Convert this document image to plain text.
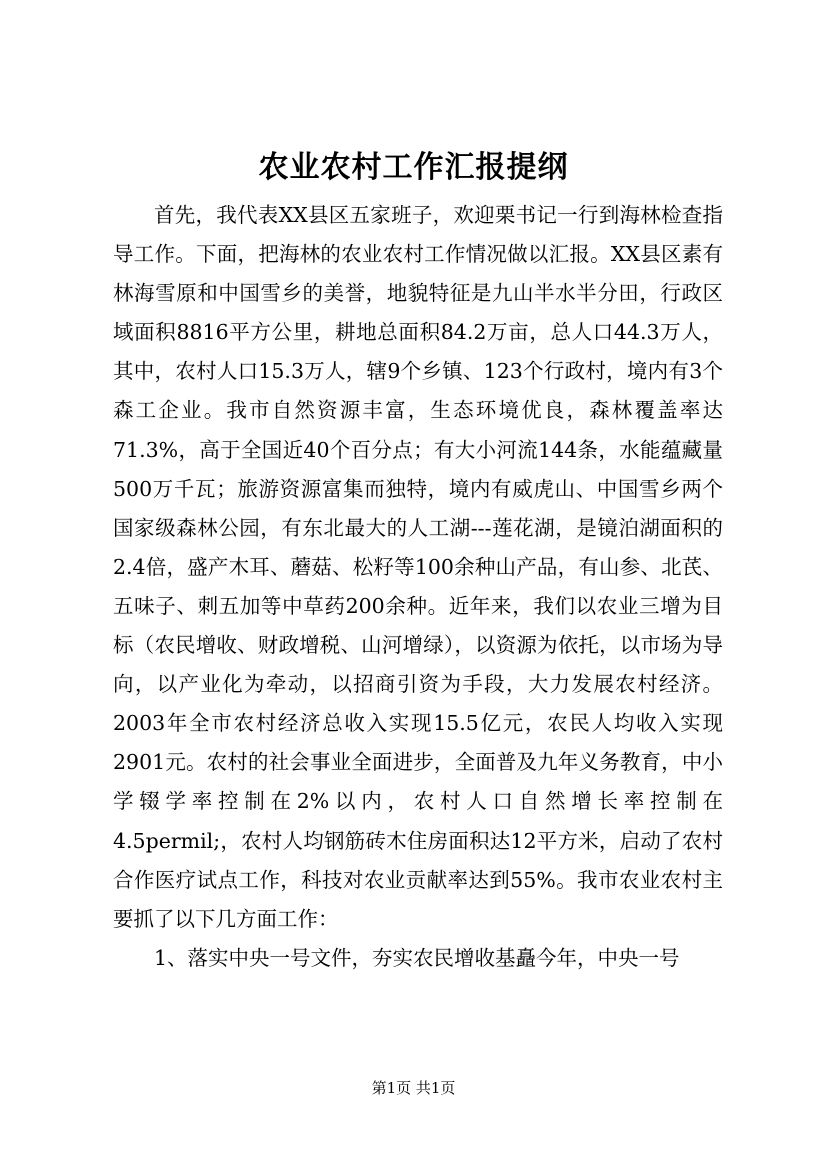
农业农村工作汇报提纲

首先，我代表XX县区五家班子，欢迎栗书记一行到海林检查指导工作。下面，把海林的农业农村工作情况做以汇报。XX县区素有林海雪原和中国雪乡的美誉，地貌特征是九山半水半分田，行政区域面积8816平方公里，耕地总面积84.2万亩，总人口44.3万人，其中，农村人口15.3万人，辖9个乡镇、123个行政村，境内有3个森工企业。我市自然资源丰富，生态环境优良，森林覆盖率达71.3%，高于全国近40个百分点；有大小河流144条，水能蕴藏量500万千瓦；旅游资源富集而独特，境内有威虎山、中国雪乡两个国家级森林公园，有东北最大的人工湖---莲花湖，是镜泊湖面积的2.4倍，盛产木耳、蘑菇、松籽等100余种山产品，有山参、北芪、五味子、刺五加等中草药200余种。近年来，我们以农业三增为目标（农民增收、财政增税、山河增绿），以资源为依托，以市场为导向，以产业化为牵动，以招商引资为手段，大力发展农村经济。2003年全市农村经济总收入实现15.5亿元，农民人均收入实现2901元。农村的社会事业全面进步，全面普及九年义务教育，中小学辍学率控制在2%以内，农村人口自然增长率控制在4.5permil;，农村人均钢筋砖木住房面积达12平方米，启动了农村合作医疗试点工作，科技对农业贡献率达到55%。我市农业农村主要抓了以下几方面工作：

1、落实中央一号文件，夯实农民增收基矗今年，中央一号

第1页 共1页
